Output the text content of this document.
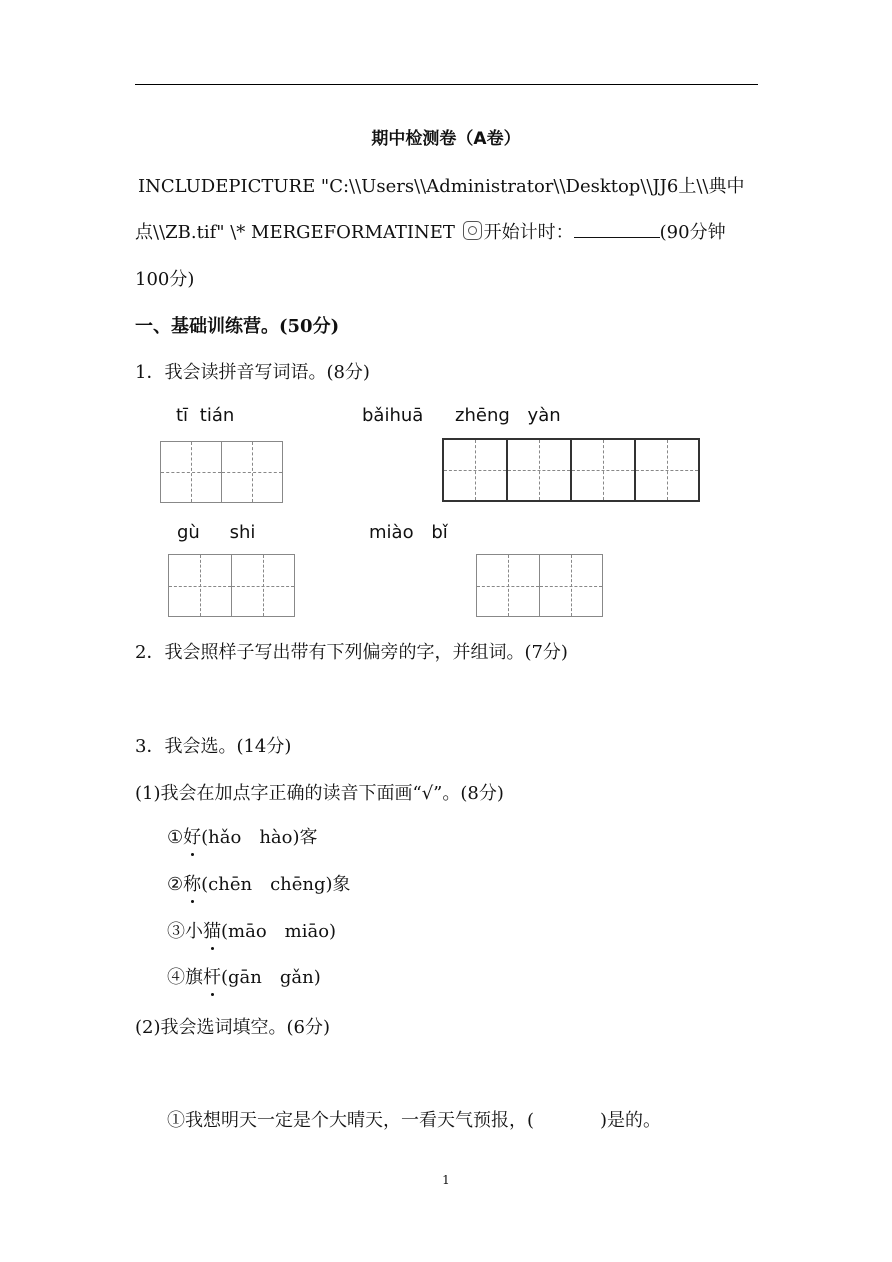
期中检测卷（A卷）
INCLUDEPICTURE "C:\\Users\\Administrator\\Desktop\\JJ6上\\典中
点\\ZB.tif" \* MERGEFORMATINET 开始计时：	(90分钟
100分)
一、基础训练营。(50分)
1．我会读拼音写词语。(8分)
tī tián	bǎihuā zhēng yàn
gù shi	miào bǐ
2．我会照样子写出带有下列偏旁的字，并组词。(7分)
3．我会选。(14分)
(1)我会在加点字正确的读音下面画“√”。(8分)
①好(hǎo　hào)客
②称(chēn　chēng)象
③小猫(māo　miāo)
④旗杆(gān　gǎn)
(2)我会选词填空。(6分)
①我想明天一定是个大晴天，一看天气预报，(	)是的。
1
